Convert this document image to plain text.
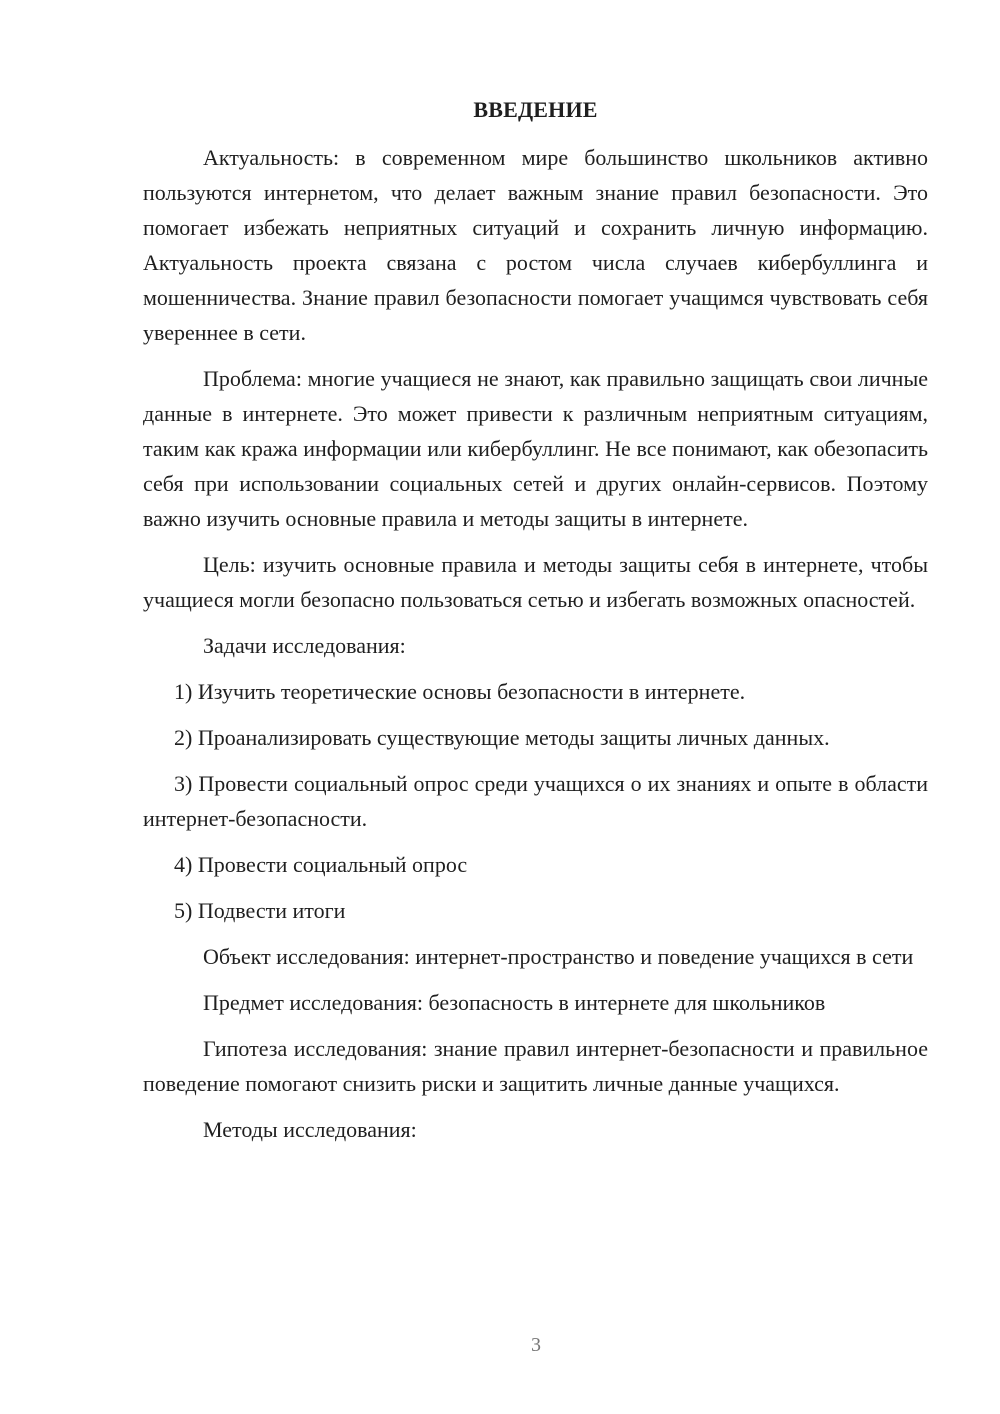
ВВЕДЕНИЕ

Актуальность: в современном мире большинство школьников активно пользуются интернетом, что делает важным знание правил безопасности. Это помогает избежать неприятных ситуаций и сохранить личную информацию. Актуальность проекта связана с ростом числа случаев кибербуллинга и мошенничества. Знание правил безопасности помогает учащимся чувствовать себя увереннее в сети.

Проблема: многие учащиеся не знают, как правильно защищать свои личные данные в интернете. Это может привести к различным неприятным ситуациям, таким как кража информации или кибербуллинг. Не все понимают, как обезопасить себя при использовании социальных сетей и других онлайн-сервисов. Поэтому важно изучить основные правила и методы защиты в интернете.

Цель: изучить основные правила и методы защиты себя в интернете, чтобы учащиеся могли безопасно пользоваться сетью и избегать возможных опасностей.

Задачи исследования:

1) Изучить теоретические основы безопасности в интернете.

2) Проанализировать существующие методы защиты личных данных.

3) Провести социальный опрос среди учащихся о их знаниях и опыте в области интернет-безопасности.

4) Провести социальный опрос

5) Подвести итоги

Объект исследования: интернет-пространство и поведение учащихся в сети

Предмет исследования: безопасность в интернете для школьников

Гипотеза исследования: знание правил интернет-безопасности и правильное поведение помогают снизить риски и защитить личные данные учащихся.

Методы исследования:

3
